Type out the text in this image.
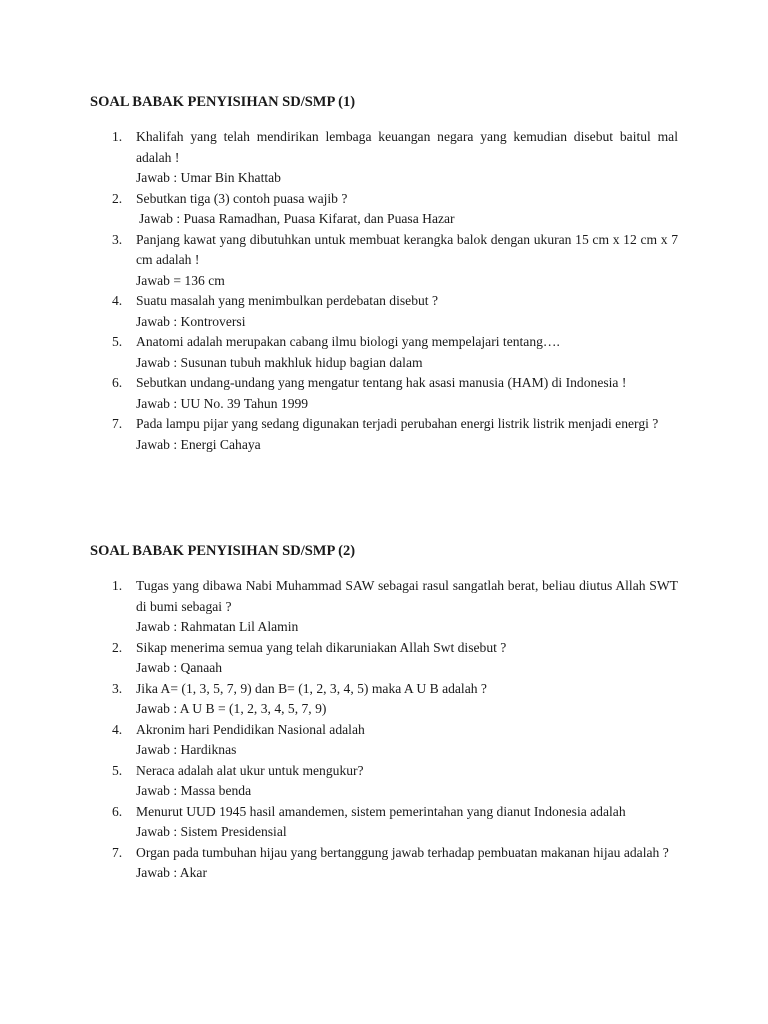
SOAL BABAK PENYISIHAN SD/SMP (1)
1. Khalifah yang telah mendirikan lembaga keuangan negara yang kemudian disebut baitul mal adalah !
Jawab : Umar Bin Khattab
2. Sebutkan tiga (3) contoh puasa wajib ?
Jawab : Puasa Ramadhan, Puasa Kifarat, dan Puasa Hazar
3. Panjang kawat yang dibutuhkan untuk membuat kerangka balok dengan ukuran 15 cm x 12 cm x 7 cm adalah !
Jawab = 136 cm
4. Suatu masalah yang menimbulkan perdebatan disebut ?
Jawab : Kontroversi
5. Anatomi adalah merupakan cabang ilmu biologi yang mempelajari tentang….
Jawab : Susunan tubuh makhluk hidup bagian dalam
6. Sebutkan undang-undang yang mengatur tentang hak asasi manusia (HAM) di Indonesia !
Jawab : UU No. 39 Tahun 1999
7. Pada lampu pijar yang sedang digunakan terjadi perubahan energi listrik listrik menjadi energi ?
Jawab : Energi Cahaya
SOAL BABAK PENYISIHAN SD/SMP (2)
1. Tugas yang dibawa Nabi Muhammad SAW sebagai rasul sangatlah berat, beliau diutus Allah SWT di bumi sebagai ?
Jawab : Rahmatan Lil Alamin
2. Sikap menerima semua yang telah dikaruniakan Allah Swt disebut ?
Jawab : Qanaah
3. Jika A= (1, 3, 5, 7, 9) dan B= (1, 2, 3, 4, 5) maka A U B adalah ?
Jawab : A U B = (1, 2, 3, 4, 5, 7, 9)
4. Akronim hari Pendidikan Nasional adalah
Jawab : Hardiknas
5. Neraca adalah alat ukur untuk mengukur?
Jawab : Massa benda
6. Menurut UUD 1945 hasil amandemen, sistem pemerintahan yang dianut Indonesia adalah
Jawab : Sistem Presidensial
7. Organ pada tumbuhan hijau yang bertanggung jawab terhadap pembuatan makanan hijau adalah ?
Jawab : Akar
